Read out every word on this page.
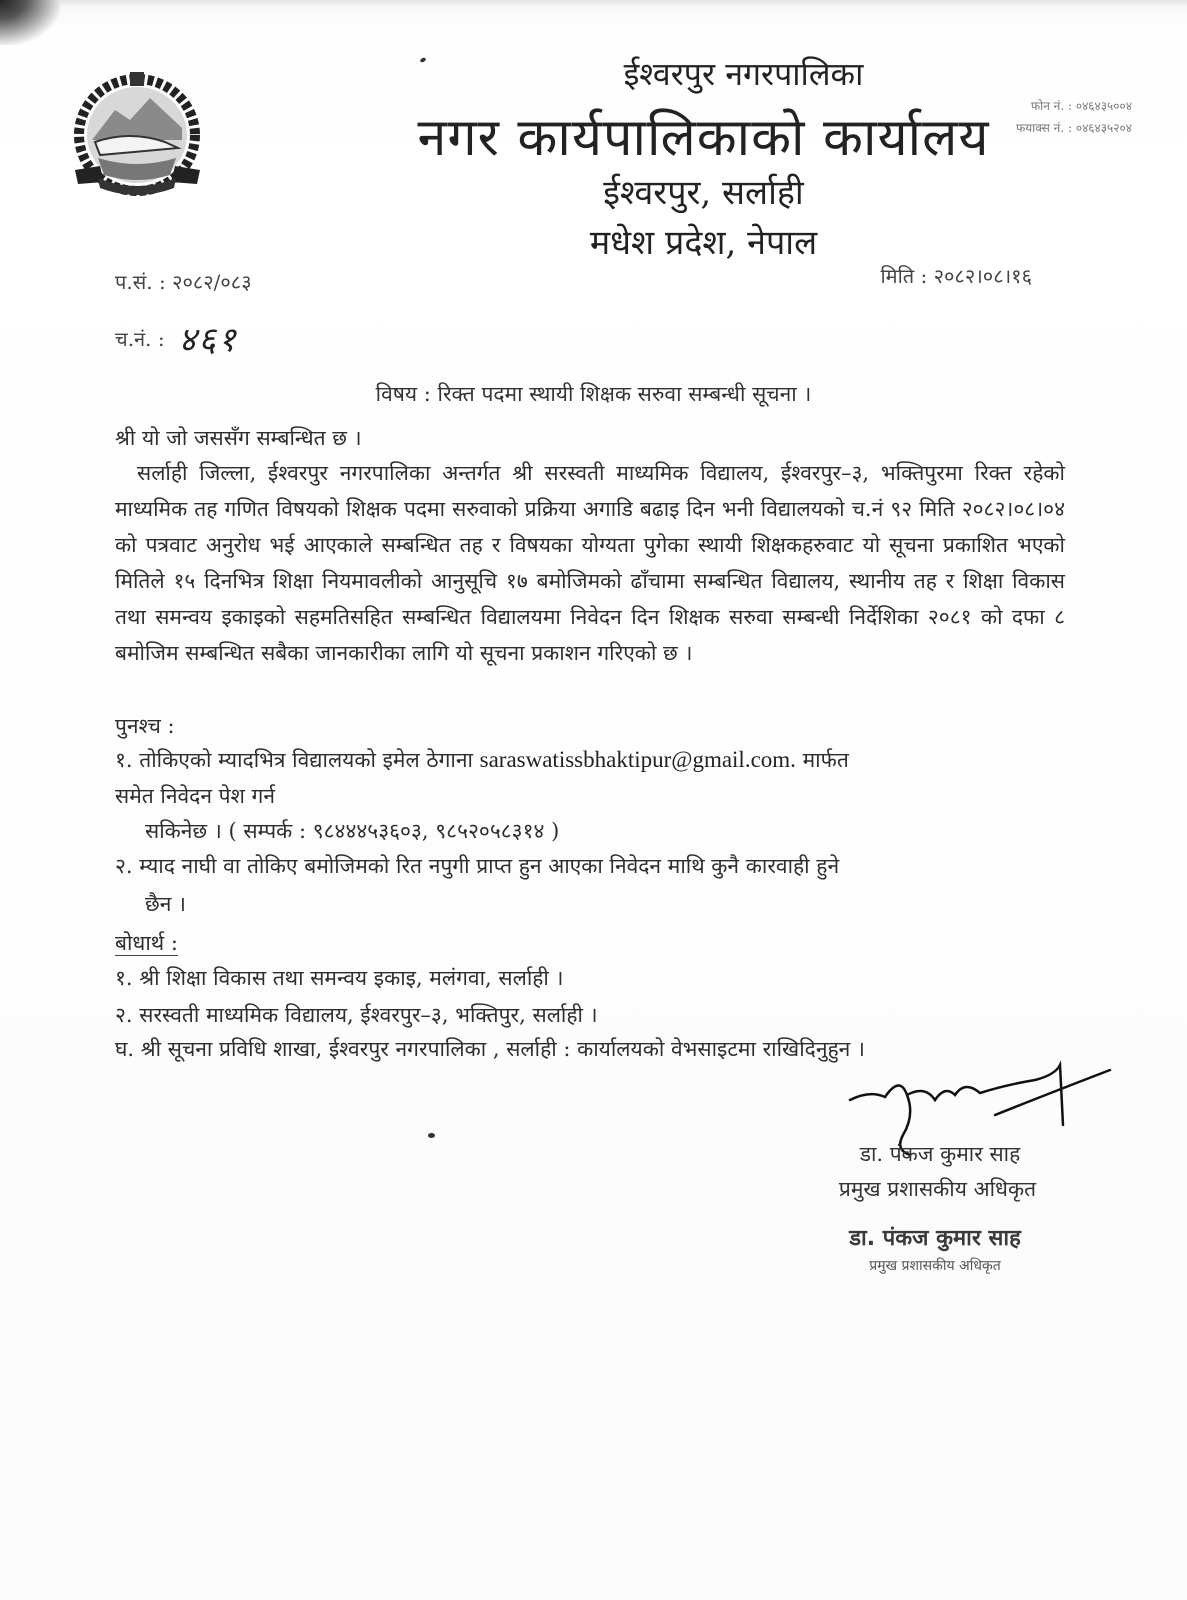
ईश्वरपुर नगरपालिका
नगर कार्यपालिकाको कार्यालय
ईश्वरपुर, सर्लाही
मधेश प्रदेश, नेपाल
फोन नं. : ०४६४३५००४
फयाक्स नं. : ०४६४३५२०४
प.सं. : २०८२/०८३
च.नं. : ४६१
मिति : २०८२।०८।१६
विषय : रिक्त पदमा स्थायी शिक्षक सरुवा सम्बन्धी सूचना ।
श्री यो जो जससँग सम्बन्धित छ ।
सर्लाही जिल्ला, ईश्वरपुर नगरपालिका अन्तर्गत श्री सरस्वती माध्यमिक विद्यालय, ईश्वरपुर–३, भक्तिपुरमा रिक्त रहेको माध्यमिक तह गणित विषयको शिक्षक पदमा सरुवाको प्रक्रिया अगाडि बढाइ दिन भनी विद्यालयको च.नं ९२ मिति २०८२।०८।०४ को पत्रवाट अनुरोध भई आएकाले सम्बन्धित तह र विषयका योग्यता पुगेका स्थायी शिक्षकहरुवाट यो सूचना प्रकाशित भएको मितिले १५ दिनभित्र शिक्षा नियमावलीको आनुसूचि १७ बमोजिमको ढाँचामा सम्बन्धित विद्यालय, स्थानीय तह र शिक्षा विकास तथा समन्वय इकाइको सहमतिसहित सम्बन्धित विद्यालयमा निवेदन दिन शिक्षक सरुवा सम्बन्धी निर्देशिका २०८१ को दफा ८ बमोजिम सम्बन्धित सबैका जानकारीका लागि यो सूचना प्रकाशन गरिएको छ ।
पुनश्च :
१. तोकिएको म्यादभित्र विद्यालयको इमेल ठेगाना saraswatissbhaktipur@gmail.com. मार्फत
समेत निवेदन पेश गर्न
सकिनेछ । ( सम्पर्क : ९८४४४५३६०३, ९८५२०५८३१४ )
२. म्याद नाघी वा तोकिए बमोजिमको रित नपुगी प्राप्त हुन आएका निवेदन माथि कुनै कारवाही हुने
छैन ।
बोधार्थ :
१. श्री शिक्षा विकास तथा समन्वय इकाइ, मलंगवा, सर्लाही ।
२. सरस्वती माध्यमिक विद्यालय, ईश्वरपुर–३, भक्तिपुर, सर्लाही ।
घ. श्री सूचना प्रविधि शाखा, ईश्वरपुर नगरपालिका , सर्लाही : कार्यालयको वेभसाइटमा राखिदिनुहुन ।
डा. पंकज कुमार साह
प्रमुख प्रशासकीय अधिकृत
डा. पंकज कुमार साह
प्रमुख प्रशासकीय अधिकृत
